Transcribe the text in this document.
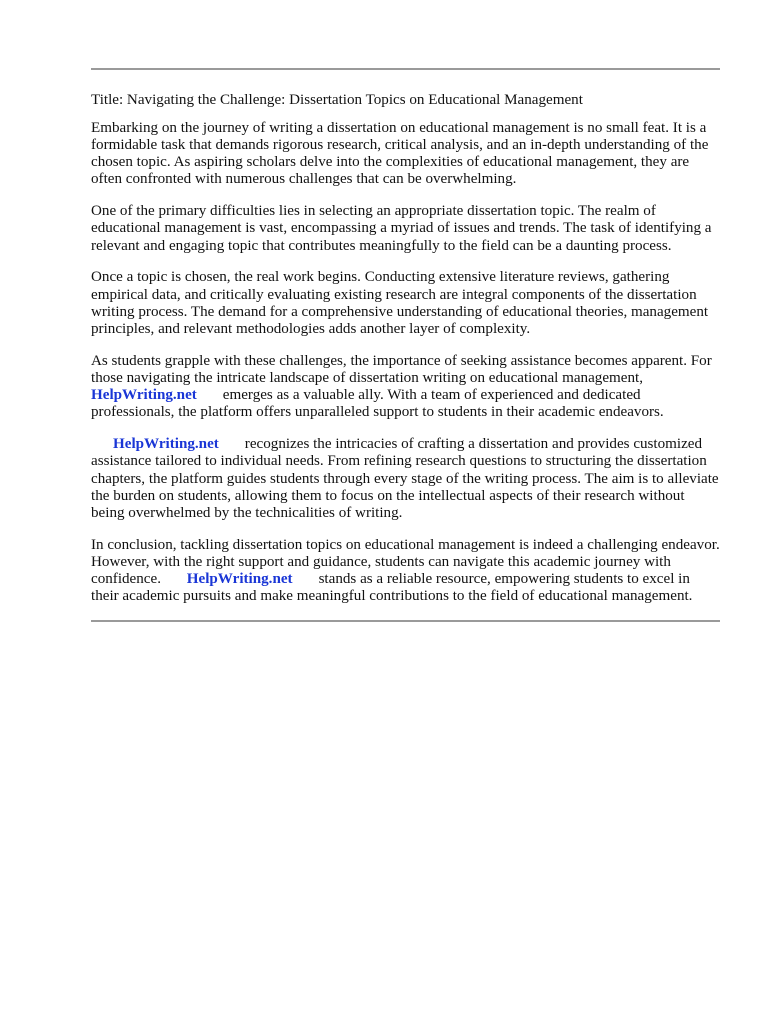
Title: Navigating the Challenge: Dissertation Topics on Educational Management

Embarking on the journey of writing a dissertation on educational management is no small feat. It is a formidable task that demands rigorous research, critical analysis, and an in-depth understanding of the chosen topic. As aspiring scholars delve into the complexities of educational management, they are often confronted with numerous challenges that can be overwhelming.

One of the primary difficulties lies in selecting an appropriate dissertation topic. The realm of educational management is vast, encompassing a myriad of issues and trends. The task of identifying a relevant and engaging topic that contributes meaningfully to the field can be a daunting process.

Once a topic is chosen, the real work begins. Conducting extensive literature reviews, gathering empirical data, and critically evaluating existing research are integral components of the dissertation writing process. The demand for a comprehensive understanding of educational theories, management principles, and relevant methodologies adds another layer of complexity.

As students grapple with these challenges, the importance of seeking assistance becomes apparent. For those navigating the intricate landscape of dissertation writing on educational management, HelpWriting.net emerges as a valuable ally. With a team of experienced and dedicated professionals, the platform offers unparalleled support to students in their academic endeavors.

HelpWriting.net recognizes the intricacies of crafting a dissertation and provides customized assistance tailored to individual needs. From refining research questions to structuring the dissertation chapters, the platform guides students through every stage of the writing process. The aim is to alleviate the burden on students, allowing them to focus on the intellectual aspects of their research without being overwhelmed by the technicalities of writing.

In conclusion, tackling dissertation topics on educational management is indeed a challenging endeavor. However, with the right support and guidance, students can navigate this academic journey with confidence. HelpWriting.net stands as a reliable resource, empowering students to excel in their academic pursuits and make meaningful contributions to the field of educational management.
